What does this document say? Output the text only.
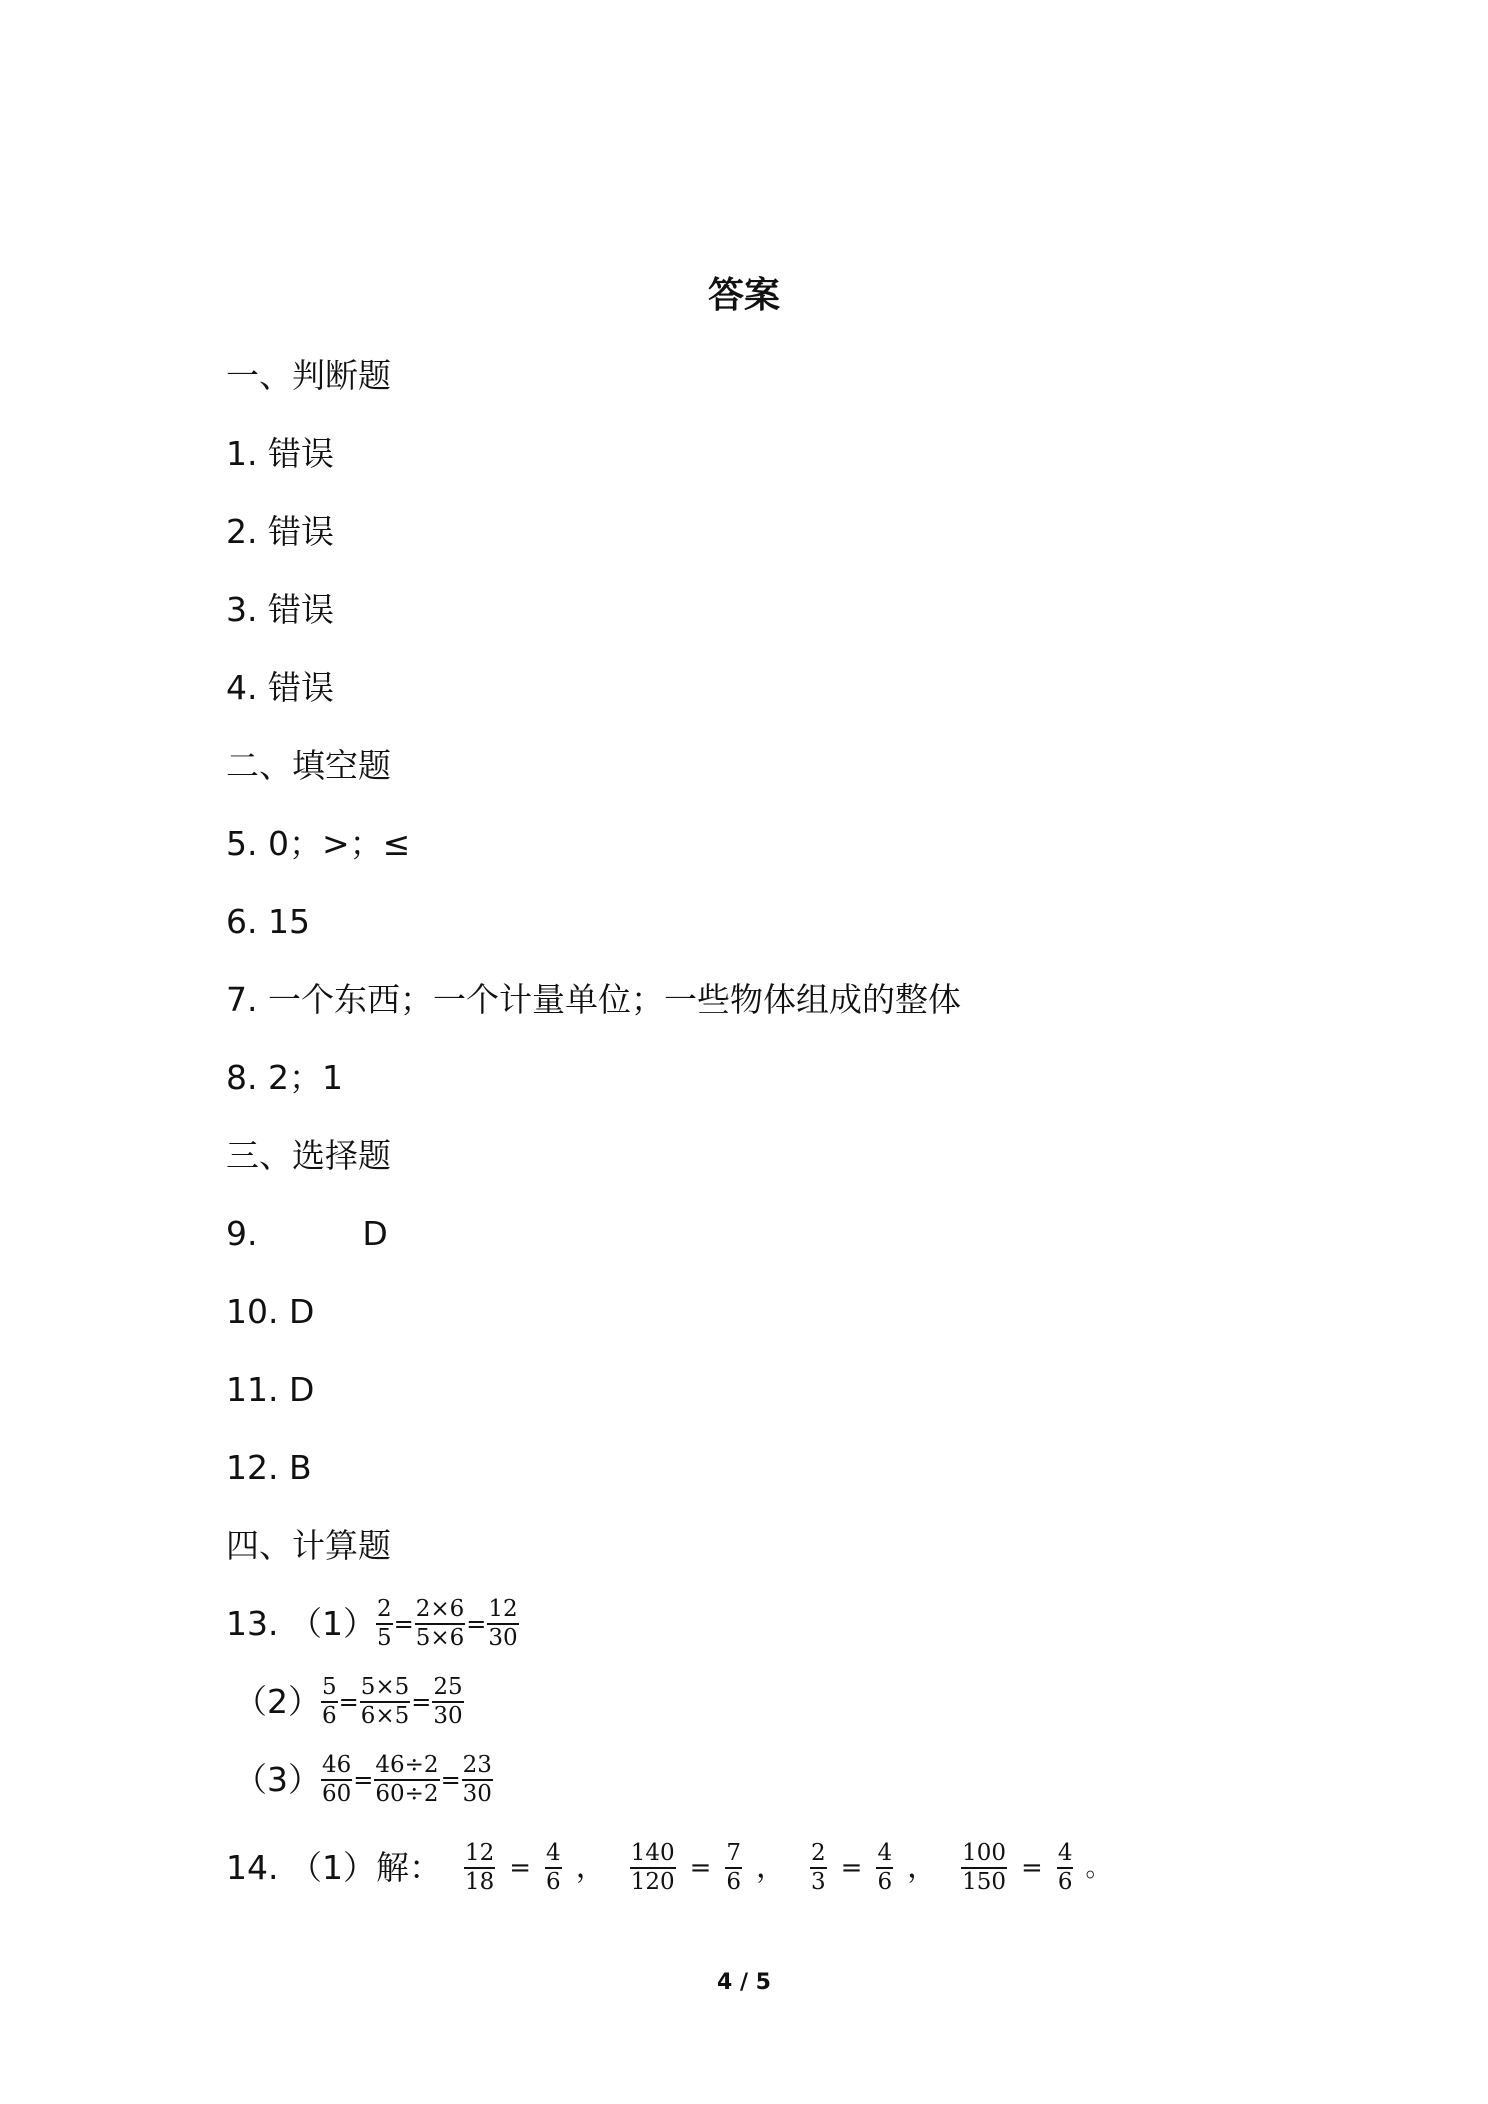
答案
一、判断题
1. 错误
2. 错误
3. 错误
4. 错误
二、填空题
5. 0；>；≤
6. 15
7. 一个东西；一个计量单位；一些物体组成的整体
8. 2；1
三、选择题
9.          D
10. D
11. D
12. B
四、计算题
13. $(1) \frac{2}{5} = \frac{2\times 6}{5\times 6} = \frac{12}{30}$
$(2) \frac{5}{6} = \frac{5\times 5}{6\times 5} = \frac{25}{30}$
$(3) \frac{46}{60} = \frac{46\div 2}{60\div 2} = \frac{23}{30}$
14. （1）解： $\frac{12}{18} = \frac{4}{6}$ ， $\frac{140}{120} = \frac{7}{6}$ ， $\frac{2}{3} = \frac{4}{6}$ ， $\frac{100}{150} = \frac{4}{6}$ 。
4 / 5
